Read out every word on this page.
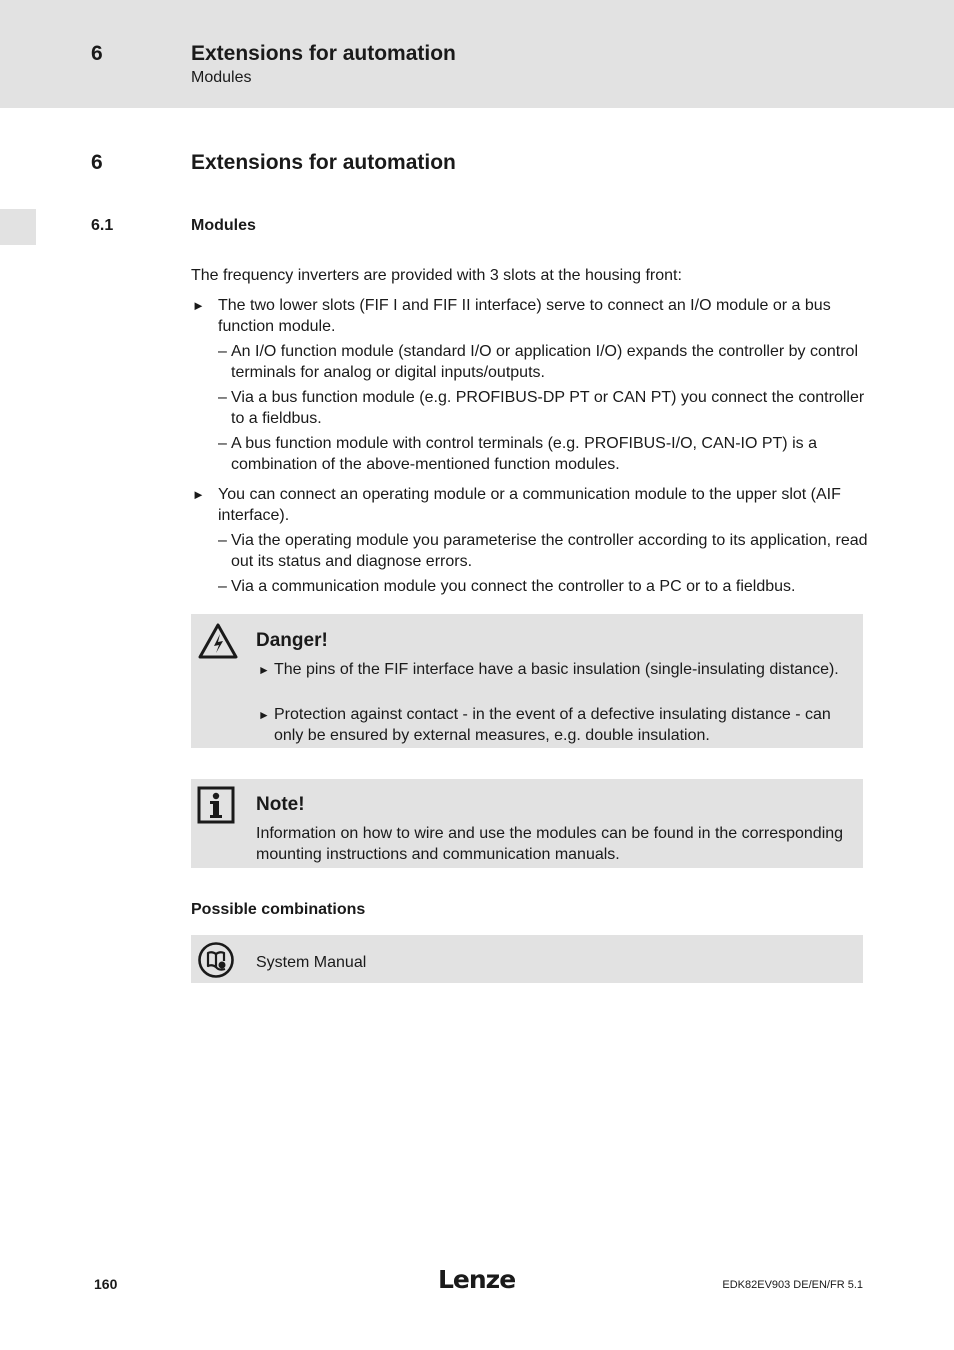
6	Extensions for automation
Modules
6	Extensions for automation
6.1	Modules
The frequency inverters are provided with 3 slots at the housing front:
► The two lower slots (FIF I and FIF II interface) serve to connect an I/O module or a bus function module.
– An I/O function module (standard I/O or application I/O) expands the controller by control terminals for analog or digital inputs/outputs.
– Via a bus function module (e.g. PROFIBUS-DP PT or CAN PT) you connect the controller to a fieldbus.
– A bus function module with control terminals (e.g. PROFIBUS-I/O, CAN-IO PT) is a combination of the above-mentioned function modules.
► You can connect an operating module or a communication module to the upper slot (AIF interface).
– Via the operating module you parameterise the controller according to its application, read out its status and diagnose errors.
– Via a communication module you connect the controller to a PC or to a fieldbus.
Danger!
► The pins of the FIF interface have a basic insulation (single-insulating distance).
► Protection against contact - in the event of a defective insulating distance - can only be ensured by external measures, e.g. double insulation.
Note!
Information on how to wire and use the modules can be found in the corresponding mounting instructions and communication manuals.
Possible combinations
System Manual
160	Lenze	EDK82EV903 DE/EN/FR 5.1
